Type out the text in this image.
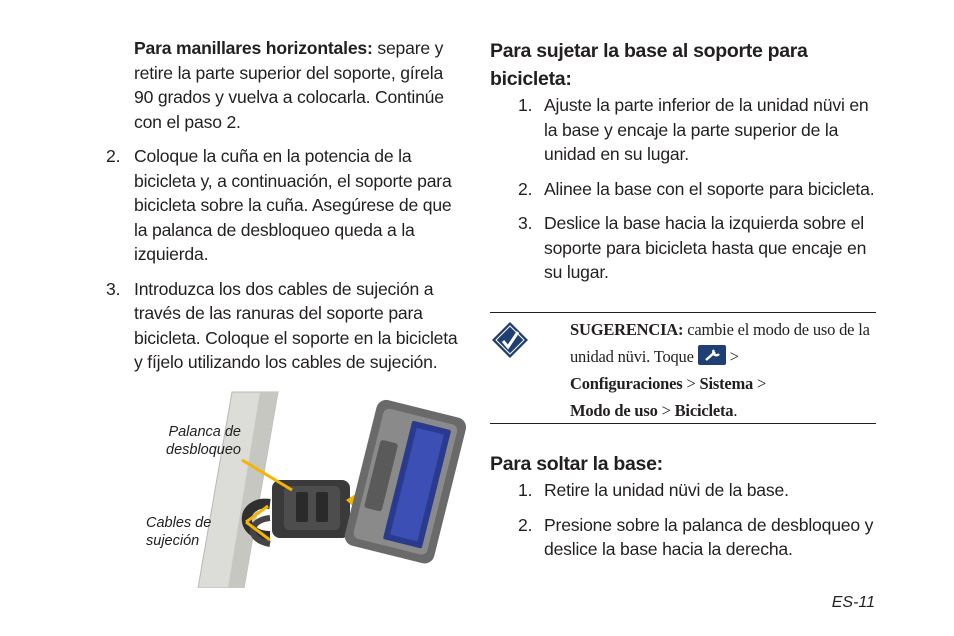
Para manillares horizontales: separe y retire la parte superior del soporte, gírela 90 grados y vuelva a colocarla. Continúe con el paso 2.

2. Coloque la cuña en la potencia de la bicicleta y, a continuación, el soporte para bicicleta sobre la cuña. Asegúrese de que la palanca de desbloqueo queda a la izquierda.

3. Introduzca los dos cables de sujeción a través de las ranuras del soporte para bicicleta. Coloque el soporte en la bicicleta y fíjelo utilizando los cables de sujeción.

Palanca de desbloqueo
Cables de sujeción
Para sujetar la base al soporte para bicicleta:
1. Ajuste la parte inferior de la unidad nüvi en la base y encaje la parte superior de la unidad en su lugar.

2. Alinee la base con el soporte para bicicleta.

3. Deslice la base hacia la izquierda sobre el soporte para bicicleta hasta que encaje en su lugar.

SUGERENCIA: cambie el modo de uso de la unidad nüvi. Toque  >
Configuraciones > Sistema >
Modo de uso > Bicicleta.
Para soltar la base:
1. Retire la unidad nüvi de la base.

2. Presione sobre la palanca de desbloqueo y deslice la base hacia la derecha.

ES-11
